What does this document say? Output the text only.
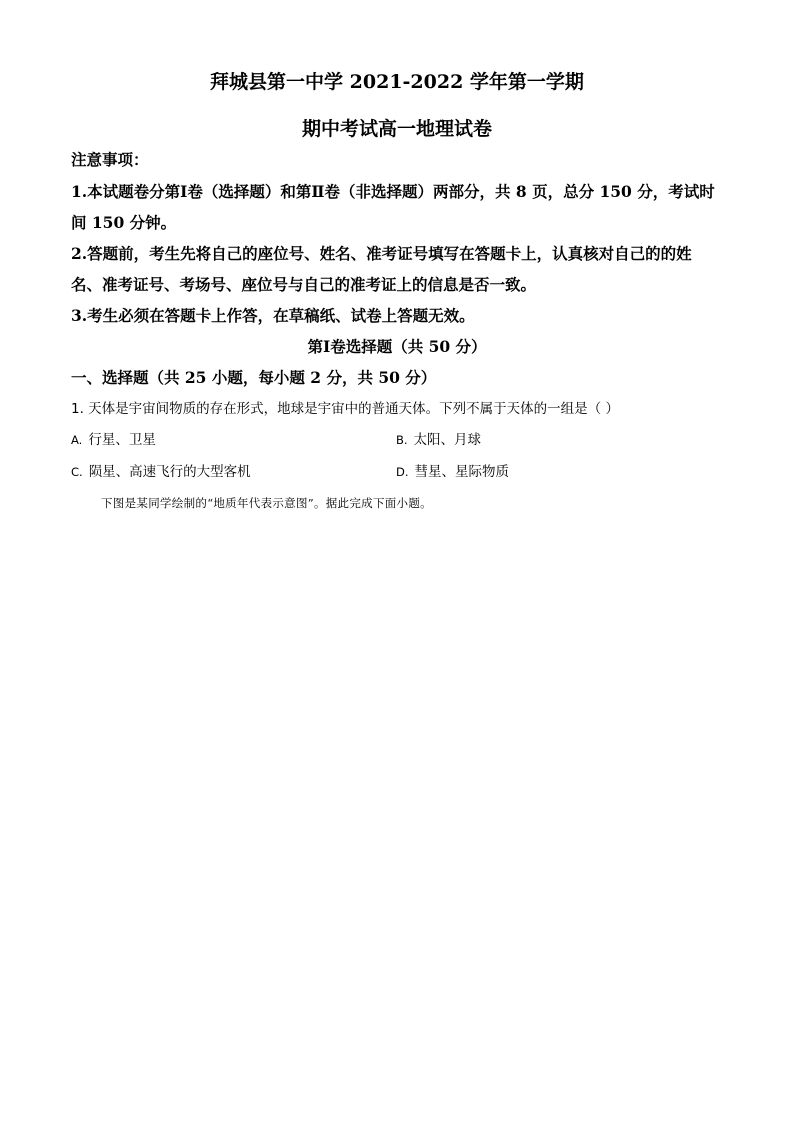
拜城县第一中学 2021-2022 学年第一学期
期中考试高一地理试卷
注意事项：
1.本试题卷分第Ⅰ卷（选择题）和第Ⅱ卷（非选择题）两部分，共 8 页，总分 150 分，考试时间 150 分钟。
2.答题前，考生先将自己的座位号、姓名、准考证号填写在答题卡上，认真核对自己的的姓名、准考证号、考场号、座位号与自己的准考证上的信息是否一致。
3.考生必须在答题卡上作答，在草稿纸、试卷上答题无效。
第Ⅰ卷选择题（共 50 分）
一、选择题（共 25 小题，每小题 2 分，共 50 分）
1. 天体是宇宙间物质的存在形式，地球是宇宙中的普通天体。下列不属于天体的一组是（ ）
A. 行星、卫星	B. 太阳、月球
C. 陨星、高速飞行的大型客机	D. 彗星、星际物质
下图是某同学绘制的“地质年代表示意图”。据此完成下面小题。
